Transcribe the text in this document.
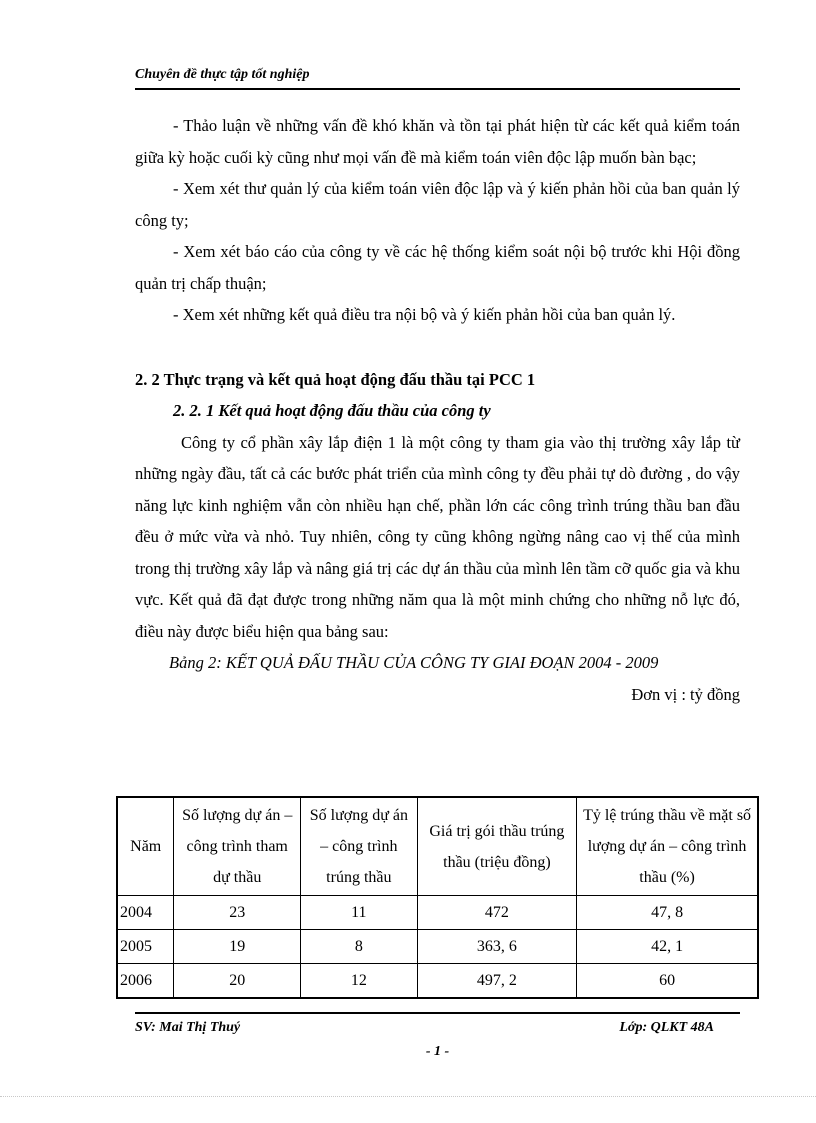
Chuyên đề thực tập tốt nghiệp

- Thảo luận về những vấn đề khó khăn và tồn tại phát hiện từ các kết quả kiểm toán giữa kỳ hoặc cuối kỳ cũng như mọi vấn đề mà kiểm toán viên độc lập muốn bàn bạc;

- Xem xét thư quản lý của kiểm toán viên độc lập và ý kiến phản hồi của ban quản lý công ty;

- Xem xét báo cáo của công ty về các hệ thống kiểm soát nội bộ trước khi Hội đồng quản trị chấp thuận;

- Xem xét những kết quả điều tra nội bộ và ý kiến phản hồi của ban quản lý.

2. 2 Thực trạng và kết quả hoạt động đấu thầu tại PCC 1

2. 2. 1 Kết quả hoạt động đấu thầu của công ty

Công ty cổ phần xây lắp điện 1 là một công ty tham gia vào thị trường xây lắp từ những ngày đầu, tất cả các bước phát triển của mình công ty đều phải tự dò đường , do vậy năng lực kinh nghiệm vẫn còn nhiều hạn chế, phần lớn các công trình trúng thầu ban đầu đều ở mức vừa và nhỏ. Tuy nhiên, công ty cũng không ngừng nâng cao vị thế của mình trong thị trường xây lắp và nâng giá trị các dự án thầu của mình lên tầm cỡ quốc gia và khu vực. Kết quả đã đạt được trong những năm qua là một minh chứng cho những nỗ lực đó, điều này được biểu hiện qua bảng sau:

Bảng 2: KẾT QUẢ ĐẤU THẦU CỦA CÔNG TY GIAI ĐOẠN 2004 - 2009

Đơn vị : tỷ đồng

Năm	Số lượng dự án – công trình tham dự thầu	Số lượng dự án – công trình trúng thầu	Giá trị gói thầu trúng thầu (triệu đồng)	Tỷ lệ trúng thầu về mặt số lượng dự án – công trình thầu (%)
2004	23	11	472	47, 8
2005	19	8	363, 6	42, 1
2006	20	12	497, 2	60
SV: Mai Thị Thuý	Lớp: QLKT 48A
- 1 -
